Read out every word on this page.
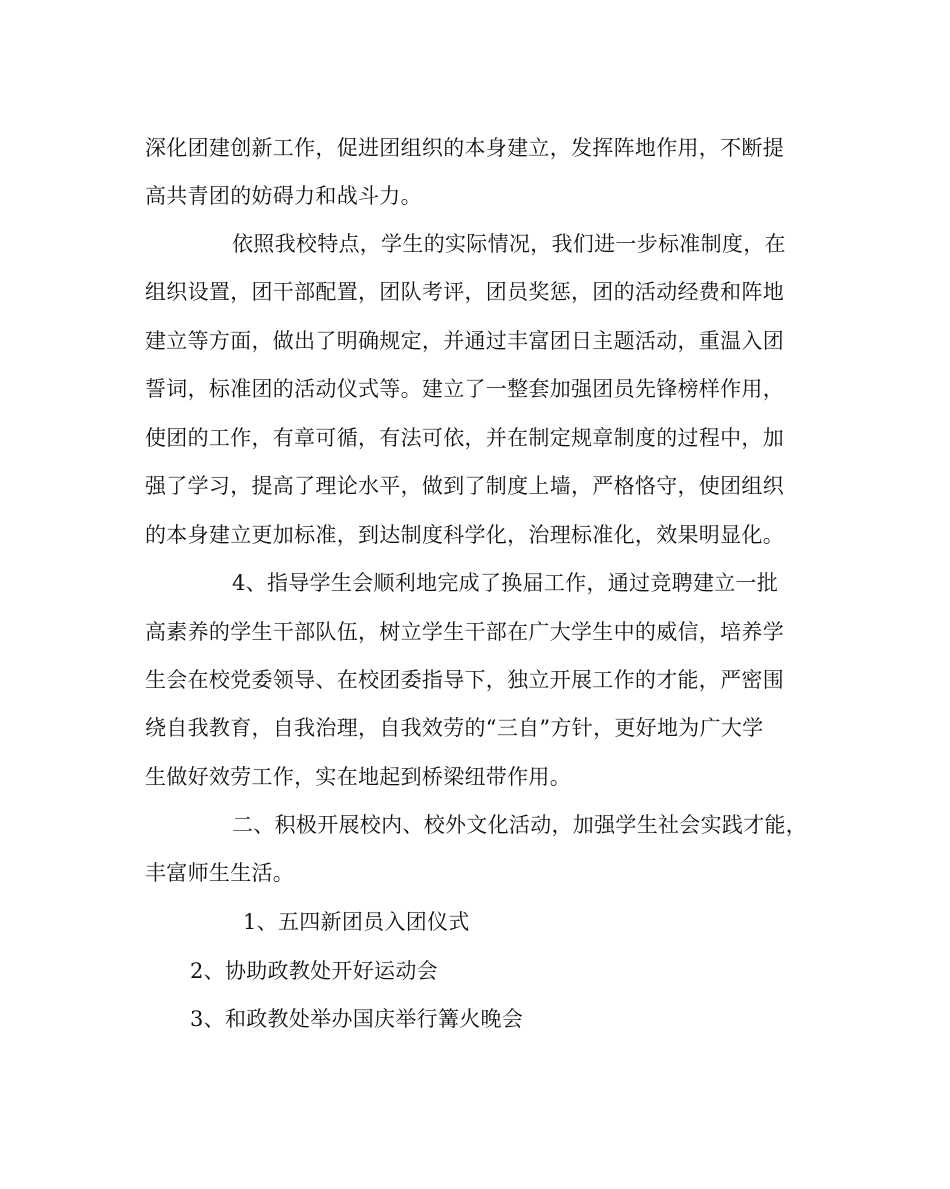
深化团建创新工作，促进团组织的本身建立，发挥阵地作用，不断提
高共青团的妨碍力和战斗力。
依照我校特点，学生的实际情况，我们进一步标准制度，在
组织设置，团干部配置，团队考评，团员奖惩，团的活动经费和阵地
建立等方面，做出了明确规定，并通过丰富团日主题活动，重温入团
誓词，标准团的活动仪式等。建立了一整套加强团员先锋榜样作用，
使团的工作，有章可循，有法可依，并在制定规章制度的过程中，加
强了学习，提高了理论水平，做到了制度上墙，严格恪守，使团组织
的本身建立更加标准，到达制度科学化，治理标准化，效果明显化。
4、指导学生会顺利地完成了换届工作，通过竞聘建立一批
高素养的学生干部队伍，树立学生干部在广大学生中的威信，培养学
生会在校党委领导、在校团委指导下，独立开展工作的才能，严密围
绕自我教育，自我治理，自我效劳的“三自”方针，更好地为广大学
生做好效劳工作，实在地起到桥梁纽带作用。
二、积极开展校内、校外文化活动，加强学生社会实践才能，
丰富师生生活。
1、五四新团员入团仪式
2、协助政教处开好运动会
3、和政教处举办国庆举行篝火晚会
